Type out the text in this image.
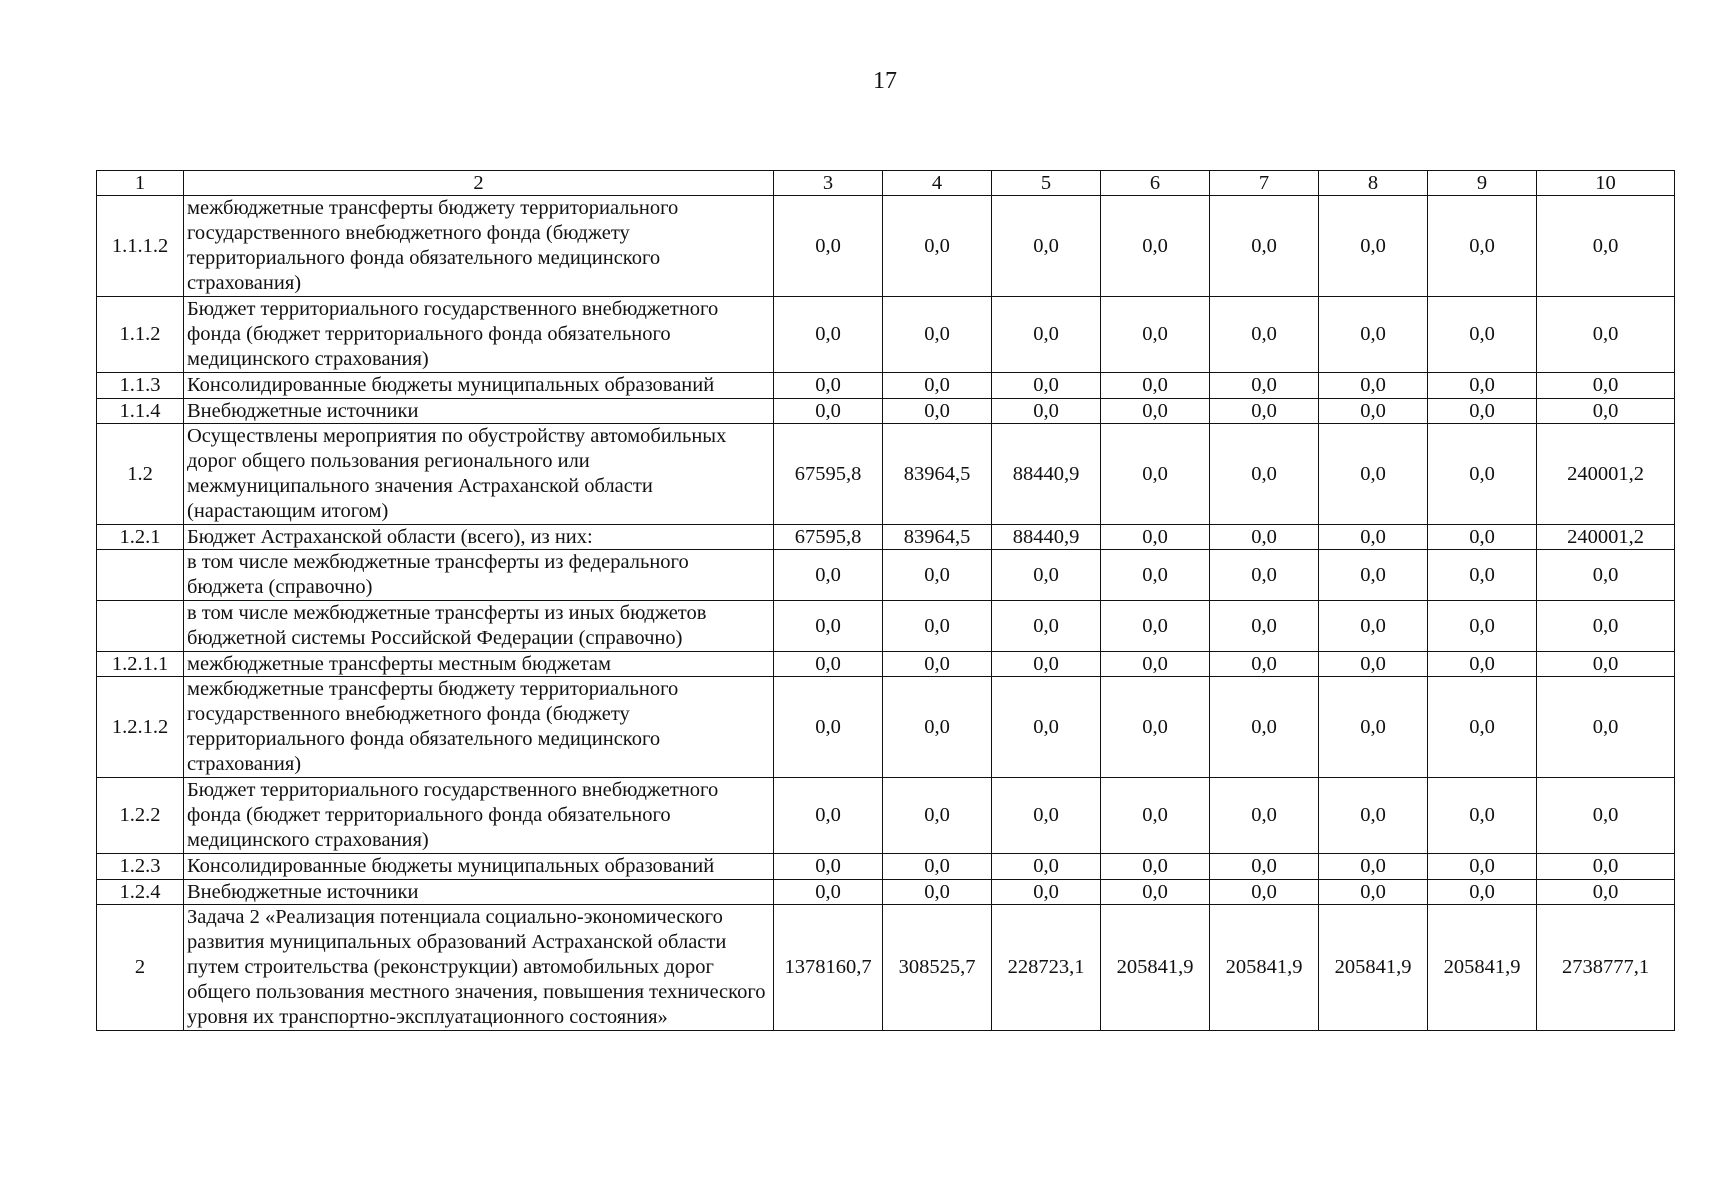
17
1	2	3	4	5	6	7	8	9	10
1.1.1.2	межбюджетные трансферты бюджету территориального государственного внебюджетного фонда (бюджету территориального фонда обязательного медицинского страхования)	0,0	0,0	0,0	0,0	0,0	0,0	0,0	0,0
1.1.2	Бюджет территориального государственного внебюджетного фонда (бюджет территориального фонда обязательного медицинского страхования)	0,0	0,0	0,0	0,0	0,0	0,0	0,0	0,0
1.1.3	Консолидированные бюджеты муниципальных образований	0,0	0,0	0,0	0,0	0,0	0,0	0,0	0,0
1.1.4	Внебюджетные источники	0,0	0,0	0,0	0,0	0,0	0,0	0,0	0,0
1.2	Осуществлены мероприятия по обустройству автомобильных дорог общего пользования регионального или межмуниципального значения Астраханской области (нарастающим итогом)	67595,8	83964,5	88440,9	0,0	0,0	0,0	0,0	240001,2
1.2.1	Бюджет Астраханской области (всего), из них:	67595,8	83964,5	88440,9	0,0	0,0	0,0	0,0	240001,2
	в том числе межбюджетные трансферты из федерального бюджета (справочно)	0,0	0,0	0,0	0,0	0,0	0,0	0,0	0,0
	в том числе межбюджетные трансферты из иных бюджетов бюджетной системы Российской Федерации (справочно)	0,0	0,0	0,0	0,0	0,0	0,0	0,0	0,0
1.2.1.1	межбюджетные трансферты местным бюджетам	0,0	0,0	0,0	0,0	0,0	0,0	0,0	0,0
1.2.1.2	межбюджетные трансферты бюджету территориального государственного внебюджетного фонда (бюджету территориального фонда обязательного медицинского страхования)	0,0	0,0	0,0	0,0	0,0	0,0	0,0	0,0
1.2.2	Бюджет территориального государственного внебюджетного фонда (бюджет территориального фонда обязательного медицинского страхования)	0,0	0,0	0,0	0,0	0,0	0,0	0,0	0,0
1.2.3	Консолидированные бюджеты муниципальных образований	0,0	0,0	0,0	0,0	0,0	0,0	0,0	0,0
1.2.4	Внебюджетные источники	0,0	0,0	0,0	0,0	0,0	0,0	0,0	0,0
2	Задача 2 «Реализация потенциала социально-экономического развития муниципальных образований Астраханской области путем строительства (реконструкции) автомобильных дорог общего пользования местного значения, повышения технического уровня их транспортно-эксплуатационного состояния»	1378160,7	308525,7	228723,1	205841,9	205841,9	205841,9	205841,9	2738777,1
